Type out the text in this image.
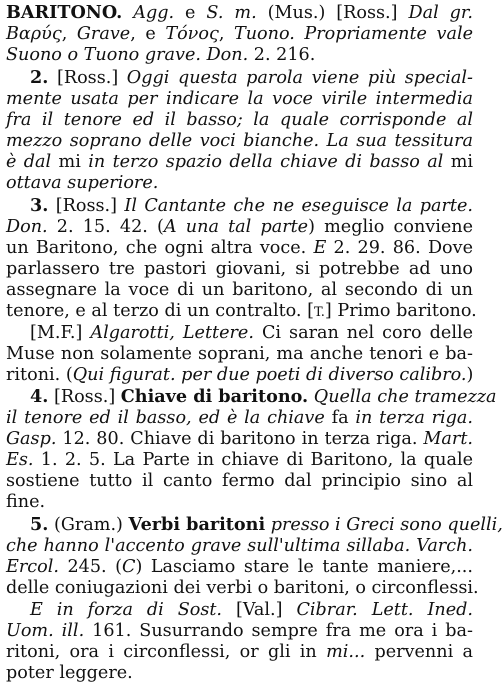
BARITONO. Agg. e S. m. (Mus.) [Ross.] Dal gr.
Βαρύς, Grave, e Τόνος, Tuono. Propriamente vale
Suono o Tuono grave. Don. 2. 216.
2. [Ross.] Oggi questa parola viene più special-
mente usata per indicare la voce virile intermedia
fra il tenore ed il basso; la quale corrisponde al
mezzo soprano delle voci bianche. La sua tessitura
è dal mi in terzo spazio della chiave di basso al mi
ottava superiore.
3. [Ross.] Il Cantante che ne eseguisce la parte.
Don. 2. 15. 42. (A una tal parte) meglio conviene
un Baritono, che ogni altra voce. E 2. 29. 86. Dove
parlassero tre pastori giovani, si potrebbe ad uno
assegnare la voce di un baritono, al secondo di un
tenore, e al terzo di un contralto. [T.] Primo baritono.
[M.F.] Algarotti, Lettere. Ci saran nel coro delle
Muse non solamente soprani, ma anche tenori e ba-
ritoni. (Qui figurat. per due poeti di diverso calibro.)
4. [Ross.] Chiave di baritono. Quella che tramezza
il tenore ed il basso, ed è la chiave fa in terza riga.
Gasp. 12. 80. Chiave di baritono in terza riga. Mart.
Es. 1. 2. 5. La Parte in chiave di Baritono, la quale
sostiene tutto il canto fermo dal principio sino al
fine.
5. (Gram.) Verbi baritoni presso i Greci sono quelli,
che hanno l'accento grave sull'ultima sillaba. Varch.
Ercol. 245. (C) Lasciamo stare le tante maniere,...
delle coniugazioni dei verbi o baritoni, o circonflessi.
E in forza di Sost. [Val.] Cibrar. Lett. Ined.
Uom. ill. 161. Susurrando sempre fra me ora i ba-
ritoni, ora i circonflessi, or gli in mi... pervenni a
poter leggere.
